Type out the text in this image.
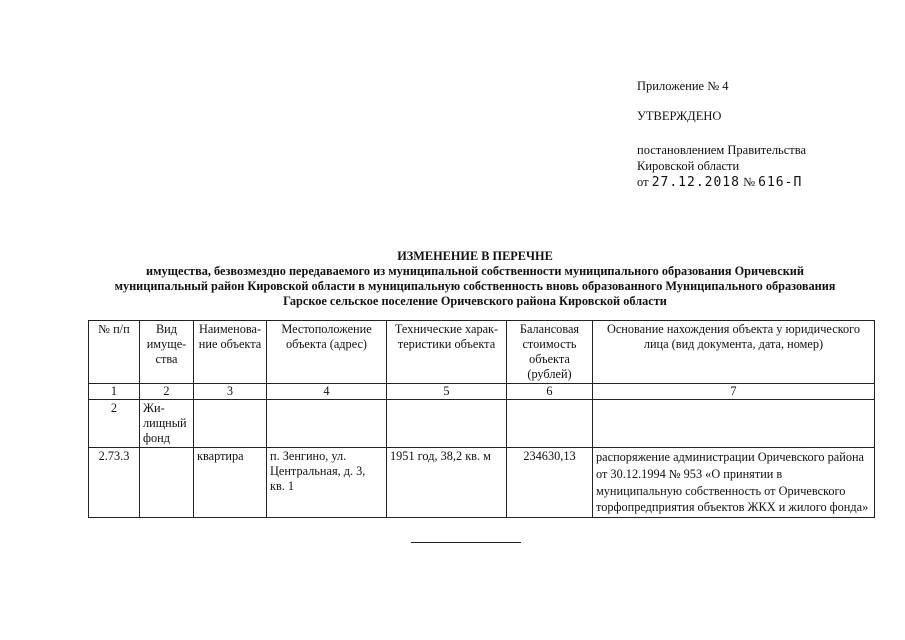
Приложение № 4
УТВЕРЖДЕНО
постановлением Правительства
Кировской области
от 27.12.2018 № 616-П
ИЗМЕНЕНИЕ В ПЕРЕЧНЕ
имущества, безвозмездно передаваемого из муниципальной собственности муниципального образования Оричевский
муниципальный район Кировской области в муниципальную собственность вновь образованного Муниципального образования
Гарское сельское поселение Оричевского района Кировской области
№ п/п	Вид имуще-ства	Наименова-ние объекта	Местоположение объекта (адрес)	Технические харак-теристики объекта	Балансовая стоимость объекта (рублей)	Основание нахождения объекта у юридического лица (вид документа, дата, номер)
1	2	3	4	5	6	7
2	Жи-лищный фонд					
2.73.3		квартира	п. Зенгино, ул. Центральная, д. 3, кв. 1	1951 год, 38,2 кв. м	234630,13	распоряжение администрации Оричевского района от 30.12.1994 № 953 «О принятии в муниципальную собственность от Оричевского торфопредприятия объектов ЖКХ и жилого фонда»
